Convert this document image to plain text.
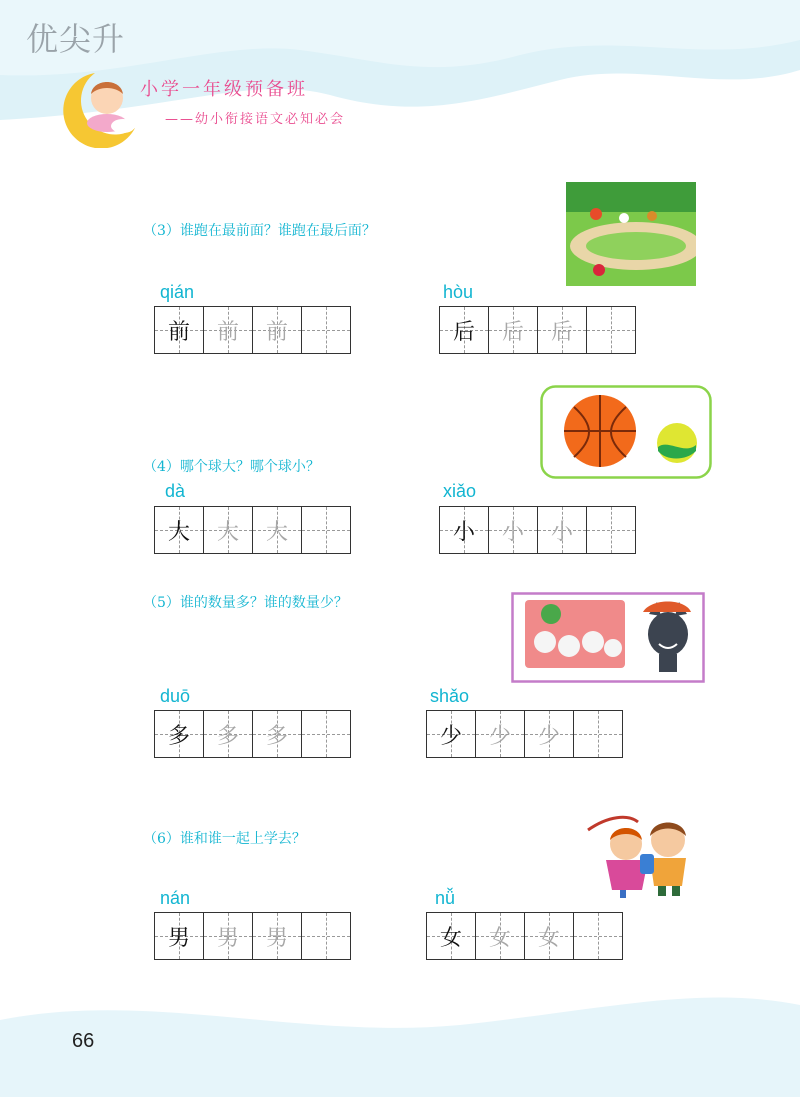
优尖升
小学一年级预备班
——幼小衔接语文必知必会
（3）谁跑在最前面？谁跑在最后面？
qián
前 前 前
hòu
后 后 后
（4）哪个球大？哪个球小？
dà
大 大 大
xiǎo
小 小 小
（5）谁的数量多？谁的数量少？
duō
多 多 多
shǎo
少 少 少
（6）谁和谁一起上学去？
nán
男 男 男
nǚ
女 女 女
66
